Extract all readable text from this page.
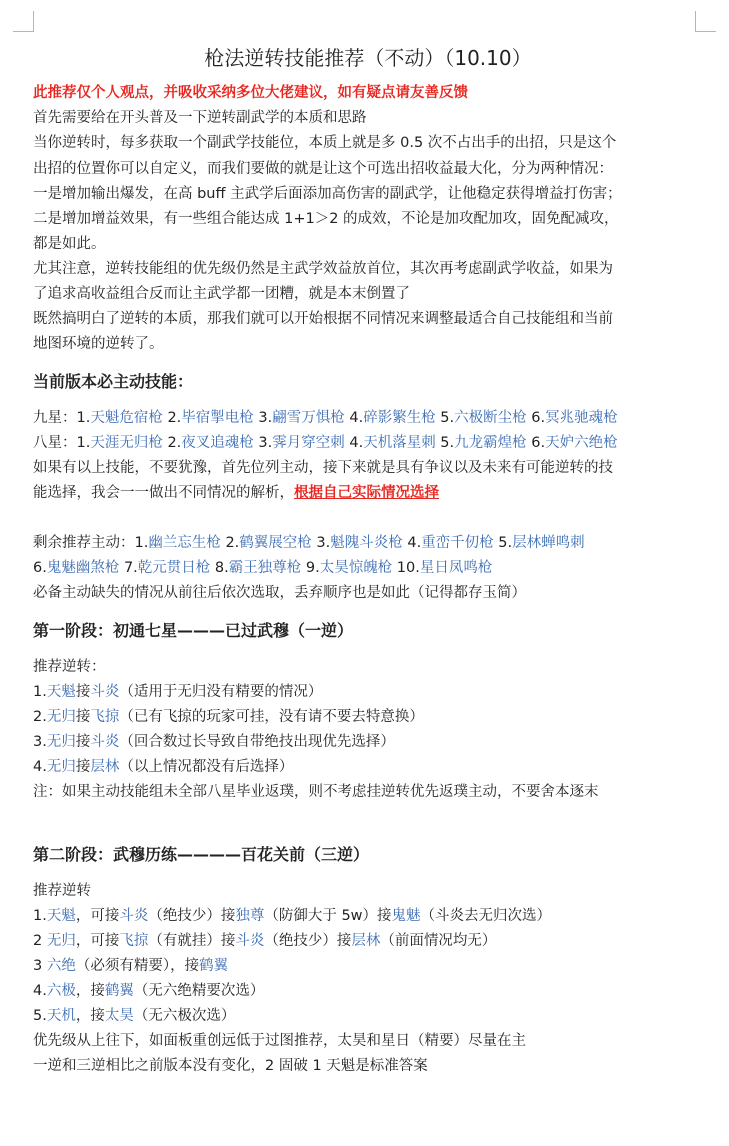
枪法逆转技能推荐（不动）（10.10）
此推荐仅个人观点，并吸收采纳多位大佬建议，如有疑点请友善反馈
首先需要给在开头普及一下逆转副武学的本质和思路
当你逆转时，每多获取一个副武学技能位，本质上就是多 0.5 次不占出手的出招，只是这个
出招的位置你可以自定义，而我们要做的就是让这个可选出招收益最大化，分为两种情况：
一是增加输出爆发，在高 buff 主武学后面添加高伤害的副武学，让他稳定获得增益打伤害；
二是增加增益效果，有一些组合能达成 1+1＞2 的成效，不论是加攻配加攻，固免配减攻，
都是如此。
尤其注意，逆转技能组的优先级仍然是主武学效益放首位，其次再考虑副武学收益，如果为
了追求高收益组合反而让主武学都一团糟，就是本末倒置了
既然搞明白了逆转的本质，那我们就可以开始根据不同情况来调整最适合自己技能组和当前
地图环境的逆转了。
当前版本必主动技能：
九星：1.天魁危宿枪 2.毕宿掣电枪 3.翩雪万惧枪 4.碎影繁生枪 5.六极断尘枪 6.冥兆驰魂枪
八星：1.天涯无归枪 2.夜叉追魂枪 3.霁月穿空刺 4.天机落星刺 5.九龙霸煌枪 6.天妒六绝枪
如果有以上技能，不要犹豫，首先位列主动，接下来就是具有争议以及未来有可能逆转的技
能选择，我会一一做出不同情况的解析，根据自己实际情况选择
剩余推荐主动：1.幽兰忘生枪 2.鹤翼展空枪 3.魁隗斗炎枪 4.重峦千仞枪 5.层林蝉鸣刺
6.鬼魅幽煞枪 7.乾元贯日枪 8.霸王独尊枪 9.太昊惊魄枪 10.星日凤鸣枪
必备主动缺失的情况从前往后依次选取，丢弃顺序也是如此（记得都存玉简）
第一阶段：初通七星———已过武穆（一逆）
推荐逆转：
1.天魁接斗炎（适用于无归没有精要的情况）
2.无归接飞掠（已有飞掠的玩家可挂，没有请不要去特意换）
3.无归接斗炎（回合数过长导致自带绝技出现优先选择）
4.无归接层林（以上情况都没有后选择）
注：如果主动技能组未全部八星毕业返璞，则不考虑挂逆转优先返璞主动，不要舍本逐末
第二阶段：武穆历练————百花关前（三逆）
推荐逆转
1.天魁，可接斗炎（绝技少）接独尊（防御大于 5w）接鬼魅（斗炎去无归次选）
2 无归，可接飞掠（有就挂）接斗炎（绝技少）接层林（前面情况均无）
3 六绝（必须有精要），接鹤翼
4.六极，接鹤翼（无六绝精要次选）
5.天机，接太昊（无六极次选）
优先级从上往下，如面板重创远低于过图推荐，太昊和星日（精要）尽量在主
一逆和三逆相比之前版本没有变化，2 固破 1 天魁是标准答案
